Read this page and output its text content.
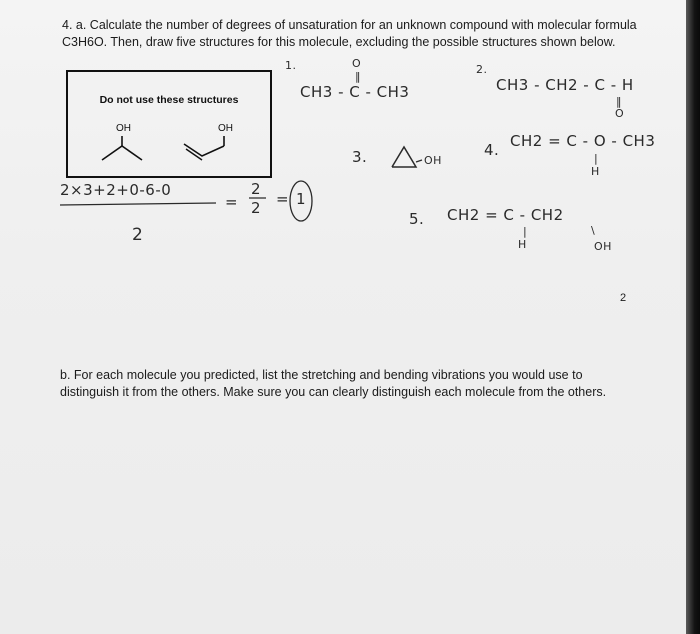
4. a. Calculate the number of degrees of unsaturation for an unknown compound with molecular formula C3H6O. Then, draw five structures for this molecule, excluding the possible structures shown below.
Do not use these structures
OH	OH
2×3+2+0-6-0
=
2
2 = 1
2
1.	O
‖
CH3 - C - CH3
2.
CH3 - CH2 - C - H
‖
O
3.	OH
4. CH2 = C - O - CH3
|
H
5. CH2 = C - CH2
|
H
\
OH
2
b. For each molecule you predicted, list the stretching and bending vibrations you would use to distinguish it from the others. Make sure you can clearly distinguish each molecule from the others.
